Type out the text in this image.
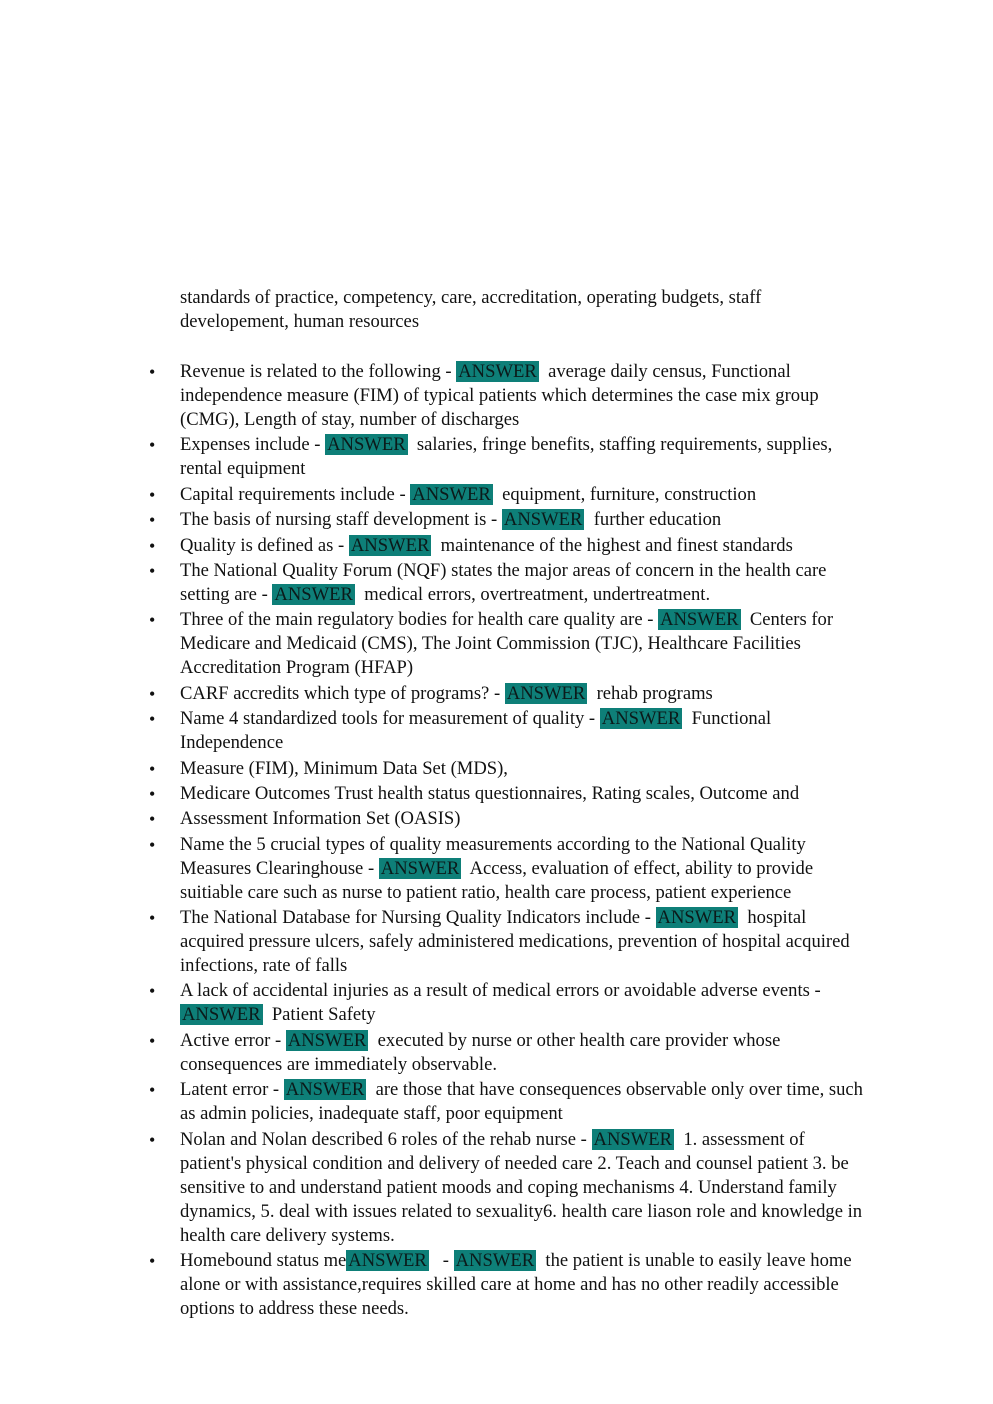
standards of practice, competency, care, accreditation, operating budgets, staff developement, human resources

• Revenue is related to the following - ANSWER  average daily census, Functional independence measure (FIM) of typical patients which determines the case mix group (CMG), Length of stay, number of discharges
• Expenses include - ANSWER  salaries, fringe benefits, staffing requirements, supplies, rental equipment
• Capital requirements include - ANSWER  equipment, furniture, construction
• The basis of nursing staff development is - ANSWER  further education
• Quality is defined as - ANSWER  maintenance of the highest and finest standards
• The National Quality Forum (NQF) states the major areas of concern in the health care setting are - ANSWER  medical errors, overtreatment, undertreatment.
• Three of the main regulatory bodies for health care quality are - ANSWER  Centers for Medicare and Medicaid (CMS), The Joint Commission (TJC), Healthcare Facilities Accreditation Program (HFAP)
• CARF accredits which type of programs? - ANSWER  rehab programs
• Name 4 standardized tools for measurement of quality - ANSWER  Functional Independence
• Measure (FIM), Minimum Data Set (MDS),
• Medicare Outcomes Trust health status questionnaires, Rating scales, Outcome and
• Assessment Information Set (OASIS)
• Name the 5 crucial types of quality measurements according to the National Quality Measures Clearinghouse - ANSWER  Access, evaluation of effect, ability to provide suitiable care such as nurse to patient ratio, health care process, patient experience
• The National Database for Nursing Quality Indicators include - ANSWER  hospital acquired pressure ulcers, safely administered medications, prevention of hospital acquired infections, rate of falls
• A lack of accidental injuries as a result of medical errors or avoidable adverse events - ANSWER  Patient Safety
• Active error - ANSWER  executed by nurse or other health care provider whose consequences are immediately observable.
• Latent error - ANSWER  are those that have consequences observable only over time, such as admin policies, inadequate staff, poor equipment
• Nolan and Nolan described 6 roles of the rehab nurse - ANSWER  1. assessment of patient's physical condition and delivery of needed care 2. Teach and counsel patient 3. be sensitive to and understand patient moods and coping mechanisms 4. Understand family dynamics, 5. deal with issues related to sexuality6. health care liason role and knowledge in health care delivery systems.
• Homebound status me ANSWER   - ANSWER  the patient is unable to easily leave home alone or with assistance,requires skilled care at home and has no other readily accessible options to address these needs.
